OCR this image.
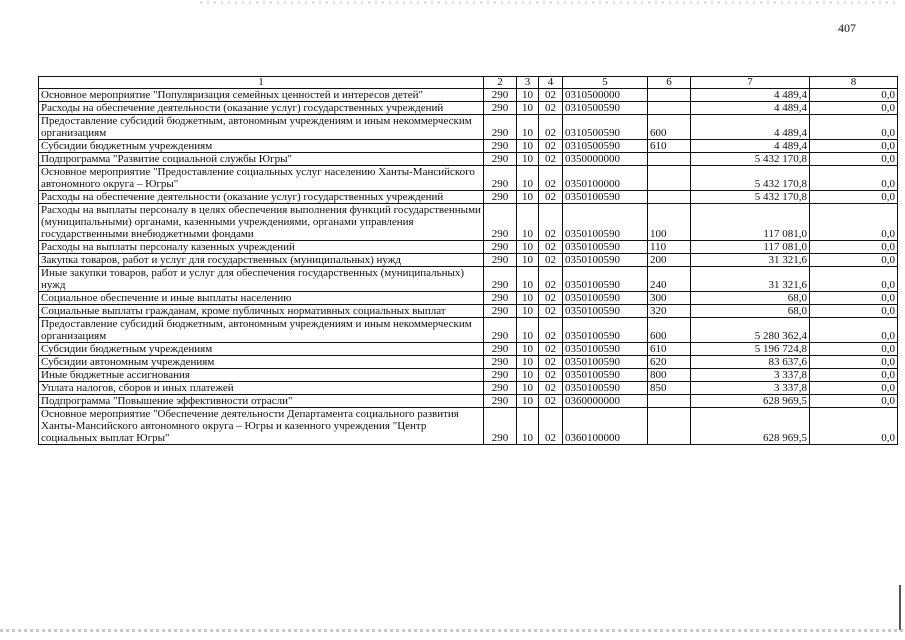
407
1	2	3	4	5	6	7	8
Основное мероприятие "Популяризация семейных ценностей и интересов детей"	290	10	02	0310500000		4 489,4	0,0
Расходы на обеспечение деятельности (оказание услуг) государственных учреждений	290	10	02	0310500590		4 489,4	0,0
Предоставление субсидий бюджетным, автономным учреждениям и иным некоммерческим организациям	290	10	02	0310500590	600	4 489,4	0,0
Субсидии бюджетным учреждениям	290	10	02	0310500590	610	4 489,4	0,0
Подпрограмма "Развитие социальной службы Югры"	290	10	02	0350000000		5 432 170,8	0,0
Основное мероприятие "Предоставление социальных услуг населению Ханты-Мансийского автономного округа – Югры"	290	10	02	0350100000		5 432 170,8	0,0
Расходы на обеспечение деятельности (оказание услуг) государственных учреждений	290	10	02	0350100590		5 432 170,8	0,0
Расходы на выплаты персоналу в целях обеспечения выполнения функций государственными (муниципальными) органами, казенными учреждениями, органами управления государственными внебюджетными фондами	290	10	02	0350100590	100	117 081,0	0,0
Расходы на выплаты персоналу казенных учреждений	290	10	02	0350100590	110	117 081,0	0,0
Закупка товаров, работ и услуг для государственных (муниципальных) нужд	290	10	02	0350100590	200	31 321,6	0,0
Иные закупки товаров, работ и услуг для обеспечения государственных (муниципальных) нужд	290	10	02	0350100590	240	31 321,6	0,0
Социальное обеспечение и иные выплаты населению	290	10	02	0350100590	300	68,0	0,0
Социальные выплаты гражданам, кроме публичных нормативных социальных выплат	290	10	02	0350100590	320	68,0	0,0
Предоставление субсидий бюджетным, автономным учреждениям и иным некоммерческим организациям	290	10	02	0350100590	600	5 280 362,4	0,0
Субсидии бюджетным учреждениям	290	10	02	0350100590	610	5 196 724,8	0,0
Субсидии автономным учреждениям	290	10	02	0350100590	620	83 637,6	0,0
Иные бюджетные ассигнования	290	10	02	0350100590	800	3 337,8	0,0
Уплата налогов, сборов и иных платежей	290	10	02	0350100590	850	3 337,8	0,0
Подпрограмма "Повышение эффективности отрасли"	290	10	02	0360000000		628 969,5	0,0
Основное мероприятие "Обеспечение деятельности Департамента социального развития Ханты-Мансийского автономного округа – Югры и казенного учреждения "Центр социальных выплат Югры"	290	10	02	0360100000		628 969,5	0,0
